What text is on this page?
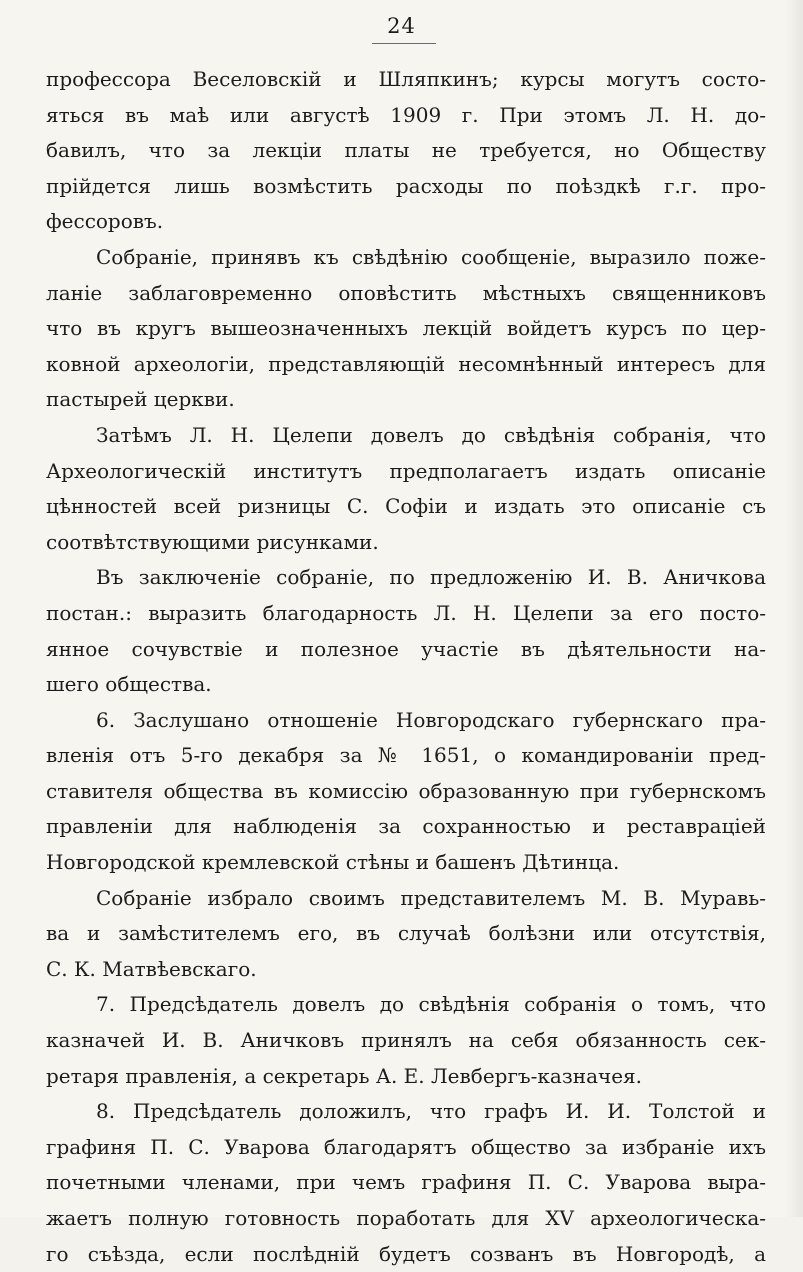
24
профессора Веселовскій и Шляпкинъ; курсы могутъ состо-
яться въ маѣ или августѣ 1909 г. При этомъ Л. Н. до-
бавилъ, что за лекціи платы не требуется, но Обществу
прійдется лишь возмѣстить расходы по поѣздкѣ г.г. про-
фессоровъ.
Собраніе, принявъ къ свѣдѣнію сообщеніе, выразило поже-
ланіе заблаговременно оповѣстить мѣстныхъ священниковъ
что въ кругъ вышеозначенныхъ лекцій войдетъ курсъ по цер-
ковной археологіи, представляющій несомнѣнный интересъ для
пастырей церкви.
Затѣмъ Л. Н. Целепи довелъ до свѣдѣнія собранія, что
Археологическій институтъ предполагаетъ издать описаніе
цѣнностей всей ризницы С. Софіи и издать это описаніе съ
соотвѣтствующими рисунками.
Въ заключеніе собраніе, по предложенію И. В. Аничкова
постан.: выразить благодарность Л. Н. Целепи за его посто-
янное сочувствіе и полезное участіе въ дѣятельности на-
шего общества.
6. Заслушано отношеніе Новгородскаго губернскаго пра-
вленія отъ 5-го декабря за № 1651, о командированіи пред-
ставителя общества въ комиссію образованную при губернскомъ
правленіи для наблюденія за сохранностью и реставраціей
Новгородской кремлевской стѣны и башенъ Дѣтинца.
Собраніе избрало своимъ представителемъ М. В. Муравь-
ва и замѣстителемъ его, въ случаѣ болѣзни или отсутствія,
С. К. Матвѣевскаго.
7. Предсѣдатель довелъ до свѣдѣнія собранія о томъ, что
казначей И. В. Аничковъ принялъ на себя обязанность сек-
ретаря правленія, а секретарь А. Е. Левбергъ-казначея.
8. Предсѣдатель доложилъ, что графъ И. И. Толстой и
графиня П. С. Уварова благодарятъ общество за избраніе ихъ
почетными членами, при чемъ графиня П. С. Уварова выра-
жаетъ полную готовность поработать для XV археологическа-
го съѣзда, если послѣдній будетъ созванъ въ Новгородѣ, а
